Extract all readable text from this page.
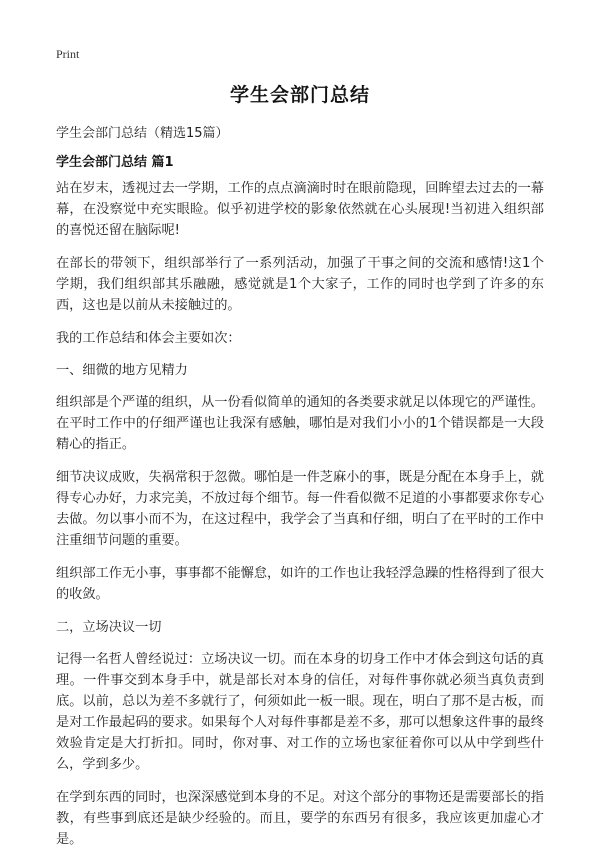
Print
学生会部门总结
学生会部门总结（精选15篇）
学生会部门总结 篇1

站在岁末，透视过去一学期，工作的点点滴滴时时在眼前隐现，回眸望去过去的一幕幕，在没察觉中充实眼睑。似乎初进学校的影象依然就在心头展现!当初进入组织部的喜悦还留在脑际呢!

在部长的带领下，组织部举行了一系列活动，加强了干事之间的交流和感情!这1个学期，我们组织部其乐融融，感觉就是1个大家子，工作的同时也学到了许多的东西，这也是以前从未接触过的。

我的工作总结和体会主要如次：

一、细微的地方见精力

组织部是个严谨的组织，从一份看似简单的通知的各类要求就足以体现它的严谨性。在平时工作中的仔细严谨也让我深有感触，哪怕是对我们小小的1个错误都是一大段精心的指正。

细节决议成败，失祸常积于忽微。哪怕是一件芝麻小的事，既是分配在本身手上，就得专心办好，力求完美，不放过每个细节。每一件看似微不足道的小事都要求你专心去做。勿以事小而不为，在这过程中，我学会了当真和仔细，明白了在平时的工作中注重细节问题的重要。

组织部工作无小事，事事都不能懈怠，如许的工作也让我轻浮急躁的性格得到了很大的收敛。

二，立场决议一切

记得一名哲人曾经说过：立场决议一切。而在本身的切身工作中才体会到这句话的真理。一件事交到本身手中，就是部长对本身的信任，对每件事你就必须当真负责到底。以前，总以为差不多就行了，何须如此一板一眼。现在，明白了那不是古板，而是对工作最起码的要求。如果每个人对每件事都是差不多，那可以想象这件事的最终效验肯定是大打折扣。同时，你对事、对工作的立场也家征着你可以从中学到些什么，学到多少。

在学到东西的同时，也深深感觉到本身的不足。对这个部分的事物还是需要部长的指教，有些事到底还是缺少经验的。而且，要学的东西另有很多，我应该更加虚心才是。
